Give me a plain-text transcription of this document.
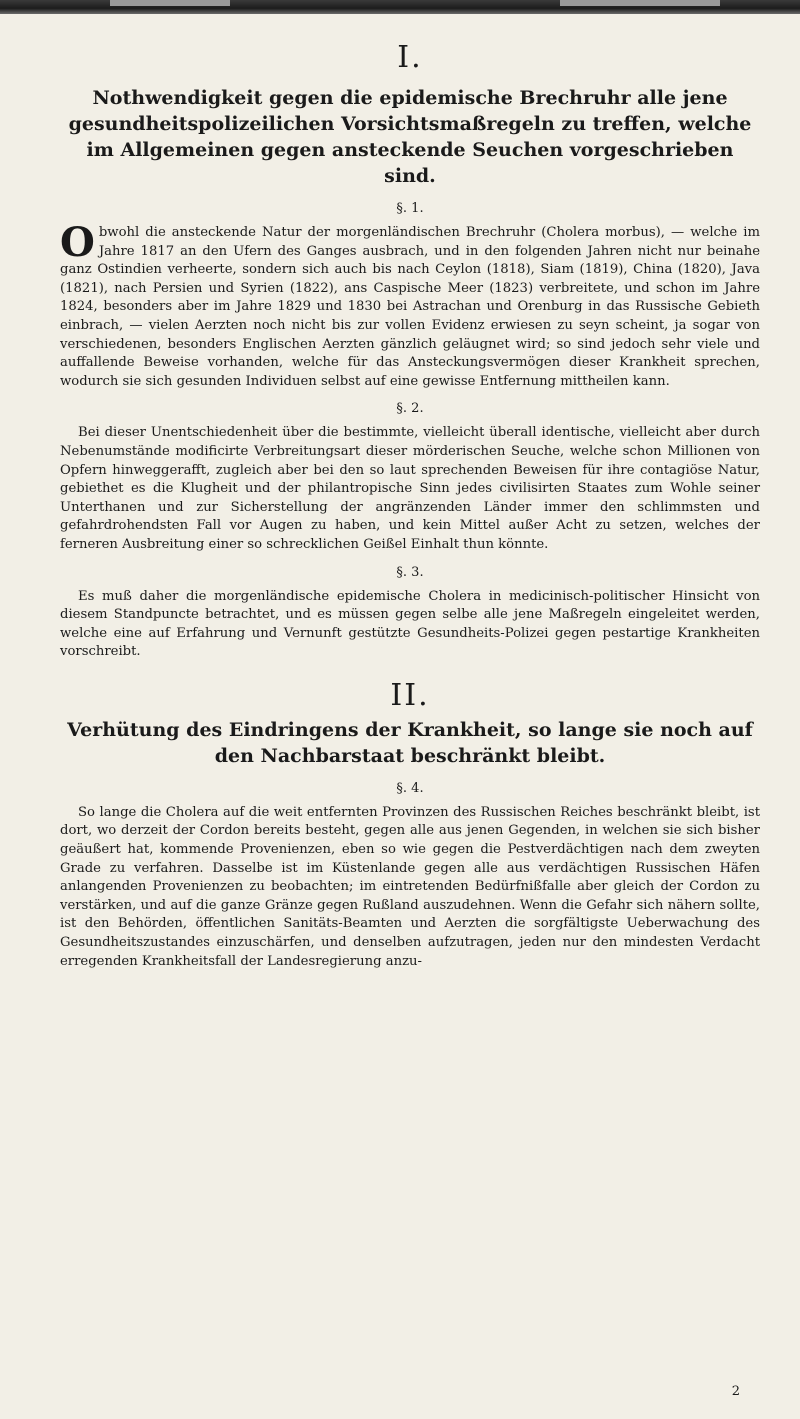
I.
Nothwendigkeit gegen die epidemische Brechruhr alle jene gesundheitspolizeilichen Vorsichtsmaßregeln zu treffen, welche im Allgemeinen gegen ansteckende Seuchen vorgeschrieben sind.
§. 1.

Obwohl die ansteckende Natur der morgenländischen Brechruhr (Cholera morbus), — welche im Jahre 1817 an den Ufern des Ganges ausbrach, und in den folgenden Jahren nicht nur beinahe ganz Ostindien verheerte, sondern sich auch bis nach Ceylon (1818), Siam (1819), China (1820), Java (1821), nach Persien und Syrien (1822), ans Caspische Meer (1823) verbreitete, und schon im Jahre 1824, besonders aber im Jahre 1829 und 1830 bei Astrachan und Orenburg in das Russische Gebieth einbrach, — vielen Aerzten noch nicht bis zur vollen Evidenz erwiesen zu seyn scheint, ja sogar von verschiedenen, besonders Englischen Aerzten gänzlich geläugnet wird; so sind jedoch sehr viele und auffallende Beweise vorhanden, welche für das Ansteckungsvermögen dieser Krankheit sprechen, wodurch sie sich gesunden Individuen selbst auf eine gewisse Entfernung mittheilen kann.

§. 2.

Bei dieser Unentschiedenheit über die bestimmte, vielleicht überall identische, vielleicht aber durch Nebenumstände modificirte Verbreitungsart dieser mörderischen Seuche, welche schon Millionen von Opfern hinweggerafft, zugleich aber bei den so laut sprechenden Beweisen für ihre contagiöse Natur, gebiethet es die Klugheit und der philantropische Sinn jedes civilisirten Staates zum Wohle seiner Unterthanen und zur Sicherstellung der angränzenden Länder immer den schlimmsten und gefahrdrohendsten Fall vor Augen zu haben, und kein Mittel außer Acht zu setzen, welches der ferneren Ausbreitung einer so schrecklichen Geißel Einhalt thun könnte.

§. 3.

Es muß daher die morgenländische epidemische Cholera in medicinisch-politischer Hinsicht von diesem Standpuncte betrachtet, und es müssen gegen selbe alle jene Maßregeln eingeleitet werden, welche eine auf Erfahrung und Vernunft gestützte Gesundheits-Polizei gegen pestartige Krankheiten vorschreibt.

II.
Verhütung des Eindringens der Krankheit, so lange sie noch auf den Nachbarstaat beschränkt bleibt.
§. 4.

So lange die Cholera auf die weit entfernten Provinzen des Russischen Reiches beschränkt bleibt, ist dort, wo derzeit der Cordon bereits besteht, gegen alle aus jenen Gegenden, in welchen sie sich bisher geäußert hat, kommende Provenienzen, eben so wie gegen die Pestverdächtigen nach dem zweyten Grade zu verfahren. Dasselbe ist im Küstenlande gegen alle aus verdächtigen Russischen Häfen anlangenden Provenienzen zu beobachten; im eintretenden Bedürfnißfalle aber gleich der Cordon zu verstärken, und auf die ganze Gränze gegen Rußland auszudehnen. Wenn die Gefahr sich nähern sollte, ist den Behörden, öffentlichen Sanitäts-Beamten und Aerzten die sorgfältigste Ueberwachung des Gesundheitszustandes einzuschärfen, und denselben aufzutragen, jeden nur den mindesten Verdacht erregenden Krankheitsfall der Landesregierung anzu-

2
